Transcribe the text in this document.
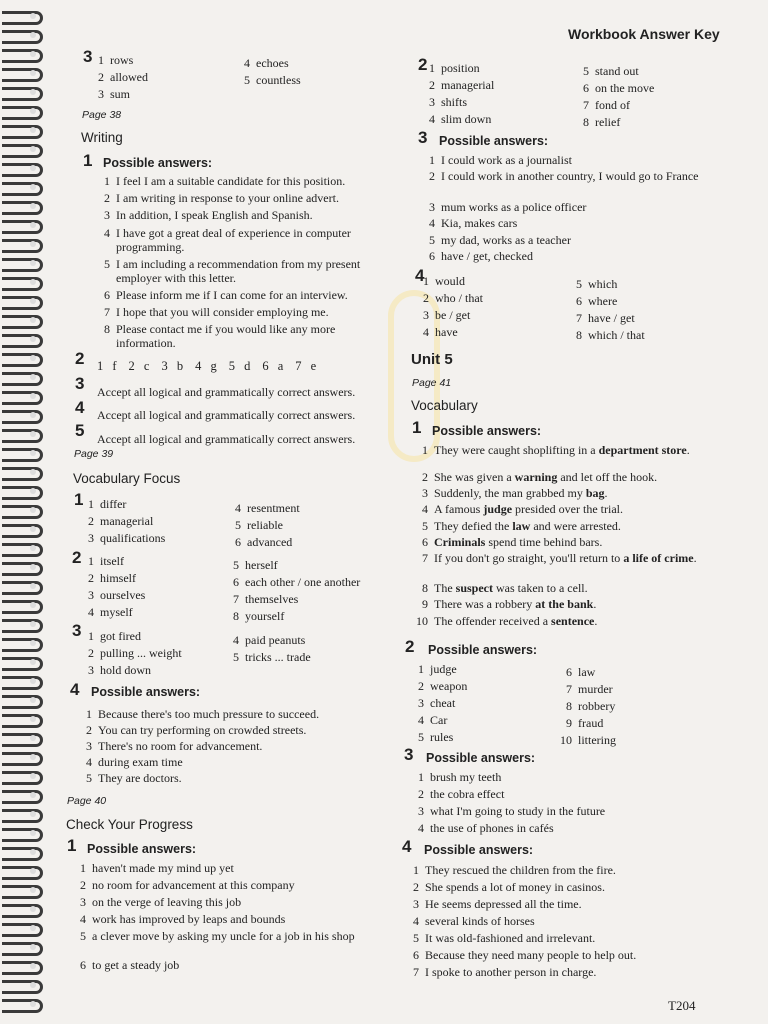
Workbook Answer Key
3 1 rows
2 allowed
3 sum
4 echoes
5 countless
Page 38
Writing
1 Possible answers:
1 I feel I am a suitable candidate for this position.
2 I am writing in response to your online advert.
3 In addition, I speak English and Spanish.
4 I have got a great deal of experience in computer programming.
5 I am including a recommendation from my present employer with this letter.
6 Please inform me if I can come for an interview.
7 I hope that you will consider employing me.
8 Please contact me if you would like any more information.
2 1 f 2 c 3 b 4 g 5 d 6 a 7 e
3 Accept all logical and grammatically correct answers.
4 Accept all logical and grammatically correct answers.
5 Accept all logical and grammatically correct answers.
Page 39
Vocabulary Focus
1 1 differ
2 managerial
3 qualifications
4 resentment
5 reliable
6 advanced
2 1 itself
2 himself
3 ourselves
4 myself
5 herself
6 each other / one another
7 themselves
8 yourself
3 1 got fired
2 pulling ... weight
3 hold down
4 paid peanuts
5 tricks ... trade
4 Possible answers:
1 Because there's too much pressure to succeed.
2 You can try performing on crowded streets.
3 There's no room for advancement.
4 during exam time
5 They are doctors.
Page 40
Check Your Progress
1 Possible answers:
1 haven't made my mind up yet
2 no room for advancement at this company
3 on the verge of leaving this job
4 work has improved by leaps and bounds
5 a clever move by asking my uncle for a job in his shop
6 to get a steady job
2 1 position
2 managerial
3 shifts
4 slim down
5 stand out
6 on the move
7 fond of
8 relief
3 Possible answers:
1 I could work as a journalist
2 I could work in another country, I would go to France
3 mum works as a police officer
4 Kia, makes cars
5 my dad, works as a teacher
6 have / get, checked
4
1 would
2 who / that
3 be / get
4 have
5 which
6 where
7 have / get
8 which / that
Unit 5
Page 41
Vocabulary
1 Possible answers:
1 They were caught shoplifting in a department store.
2 She was given a warning and let off the hook.
3 Suddenly, the man grabbed my bag.
4 A famous judge presided over the trial.
5 They defied the law and were arrested.
6 Criminals spend time behind bars.
7 If you don't go straight, you'll return to a life of crime.
8 The suspect was taken to a cell.
9 There was a robbery at the bank.
10 The offender received a sentence.
2 Possible answers:
1 judge
2 weapon
3 cheat
4 Car
5 rules
6 law
7 murder
8 robbery
9 fraud
10 littering
3 Possible answers:
1 brush my teeth
2 the cobra effect
3 what I'm going to study in the future
4 the use of phones in cafés
4 Possible answers:
1 They rescued the children from the fire.
2 She spends a lot of money in casinos.
3 He seems depressed all the time.
4 several kinds of horses
5 It was old-fashioned and irrelevant.
6 Because they need many people to help out.
7 I spoke to another person in charge.
T204
